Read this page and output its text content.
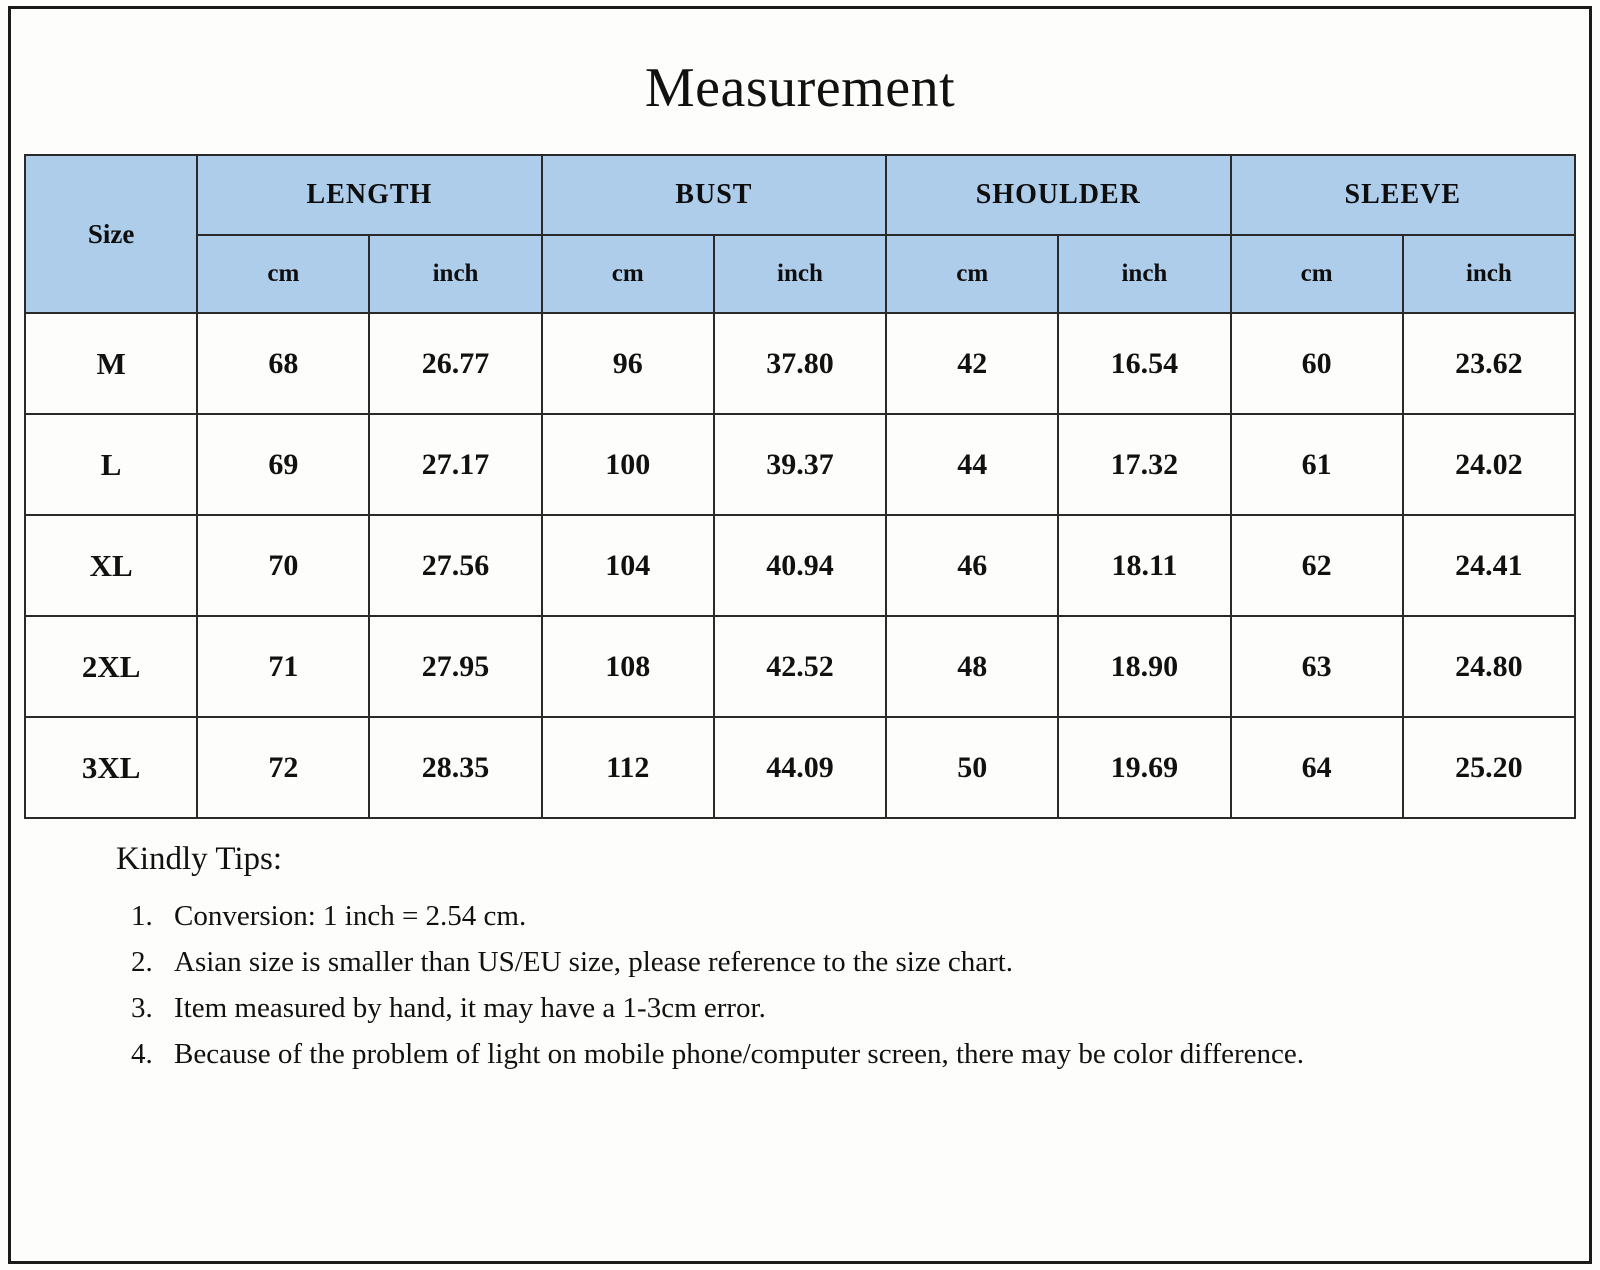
Measurement
Size	LENGTH		BUST		SHOULDER		SLEEVE	
	cm	inch	cm	inch	cm	inch	cm	inch
M	68	26.77	96	37.80	42	16.54	60	23.62
L	69	27.17	100	39.37	44	17.32	61	24.02
XL	70	27.56	104	40.94	46	18.11	62	24.41
2XL	71	27.95	108	42.52	48	18.90	63	24.80
3XL	72	28.35	112	44.09	50	19.69	64	25.20
Kindly Tips:
1. Conversion: 1 inch = 2.54 cm.
2. Asian size is smaller than US/EU size, please reference to the size chart.
3. Item measured by hand, it may have a 1-3cm error.
4. Because of the problem of light on mobile phone/computer screen, there may be color difference.
